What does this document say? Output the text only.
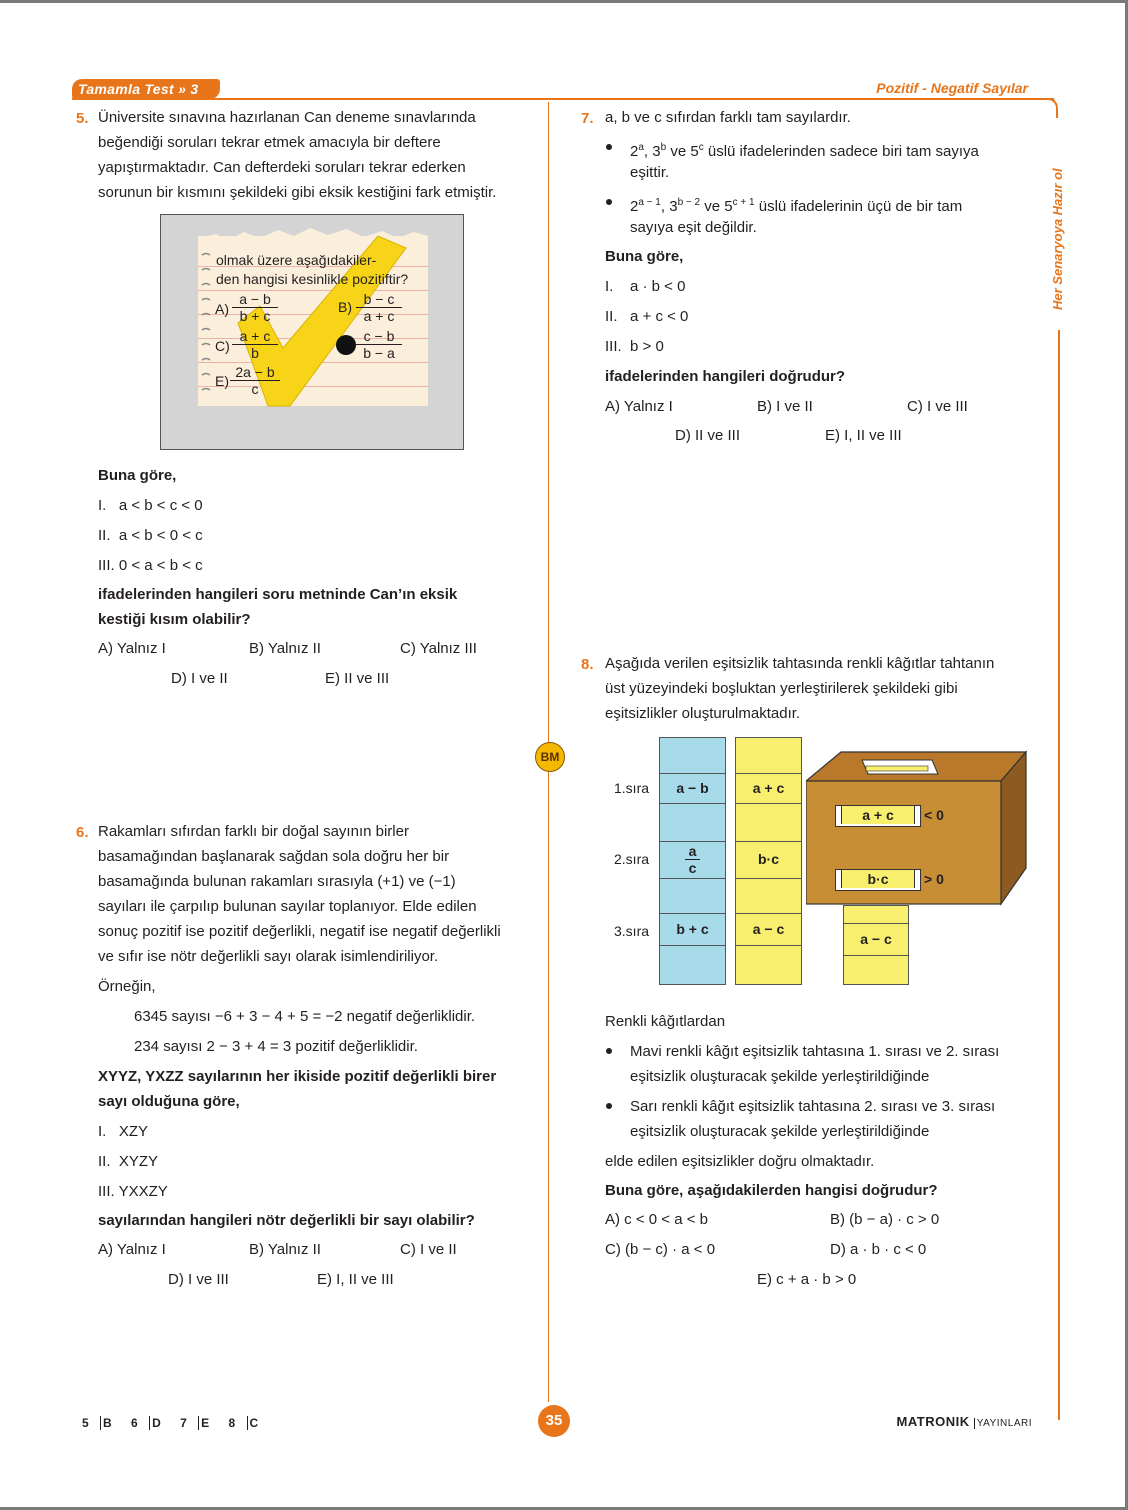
Tamamla Test » 3	Pozitif - Negatif Sayılar
Her Senaryoya Hazır ol
BM
5. Üniversite sınavına hazırlanan Can deneme sınavlarında
beğendiği soruları tekrar etmek amacıyla bir deftere
yapıştırmaktadır. Can defterdeki soruları tekrar ederken
sorunun bir kısmını şekildeki gibi eksik kestiğini fark etmiştir.
olmak üzere aşağıdakiler-
den hangisi kesinlikle pozitiftir?
$A) \frac{a - b}{b + c}$	$B) \frac{b - c}{a + c}$
$C) \frac{a + c}{b}$	$\frac{c - b}{b - a}$
$E) \frac{2a - b}{c}$
Buna göre,
I.   a < b < c < 0
II.  a < b < 0 < c
III. 0 < a < b < c
ifadelerinden hangileri soru metninde Can’ın eksik
kestiği kısım olabilir?
A) Yalnız I	B) Yalnız II	C) Yalnız III
D) I ve II	E) II ve III
6. Rakamları sıfırdan farklı bir doğal sayının birler
basamağından başlanarak sağdan sola doğru her bir
basamağında bulunan rakamları sırasıyla (+1) ve (−1)
sayıları ile çarpılıp bulunan sayılar toplanıyor. Elde edilen
sonuç pozitif ise pozitif değerlikli, negatif ise negatif değerlikli
ve sıfır ise nötr değerlikli sayı olarak isimlendiriliyor.
Örneğin,
6345 sayısı −6 + 3 − 4 + 5 = −2 negatif değerliklidir.
234 sayısı 2 − 3 + 4 = 3 pozitif değerliklidir.
XYYZ, YXZZ sayılarının her ikiside pozitif değerlikli birer
sayı olduğuna göre,
I.   XZY
II.  XYZY
III. YXXZY
sayılarından hangileri nötr değerlikli bir sayı olabilir?
A) Yalnız I	B) Yalnız II	C) I ve II
D) I ve III	E) I, II ve III
7. a, b ve c sıfırdan farklı tam sayılardır.
2$^a$, 3$^b$ ve 5$^c$ üslü ifadelerinden sadece biri tam sayıya
eşittir.
$2^{a - 1}$, $3^{b - 2}$ ve $5^{c + 1}$ üslü ifadelerinin üçü de bir tam
sayıya eşit değildir.
Buna göre,
I.    a · b < 0
II.   a + c < 0
III.  b > 0
ifadelerinden hangileri doğrudur?
A) Yalnız I	B) I ve II	C) I ve III
D) II ve III	E) I, II ve III
8. Aşağıda verilen eşitsizlik tahtasında renkli kâğıtlar tahtanın
üst yüzeyindeki boşluktan yerleştirilerek şekildeki gibi
eşitsizlikler oluşturulmaktadır.
1.sıra
2.sıra
3.sıra
a − b
$\frac{a}{c}$
b + c
a + c
b·c
a − c
a + c	< 0
b·c	> 0
a − c
Renkli kâğıtlardan
Mavi renkli kâğıt eşitsizlik tahtasına 1. sırası ve 2. sırası
eşitsizlik oluşturacak şekilde yerleştirildiğinde
Sarı renkli kâğıt eşitsizlik tahtasına 2. sırası ve 3. sırası
eşitsizlik oluşturacak şekilde yerleştirildiğinde
elde edilen eşitsizlikler doğru olmaktadır.
Buna göre, aşağıdakilerden hangisi doğrudur?
A) c < 0 < a < b	B) (b − a) · c > 0
C) (b − c) · a < 0	D) a · b · c < 0
E) c + a · b > 0
5 B 6 D 7 E 8 C	35	MATRONIK YAYINLARI
